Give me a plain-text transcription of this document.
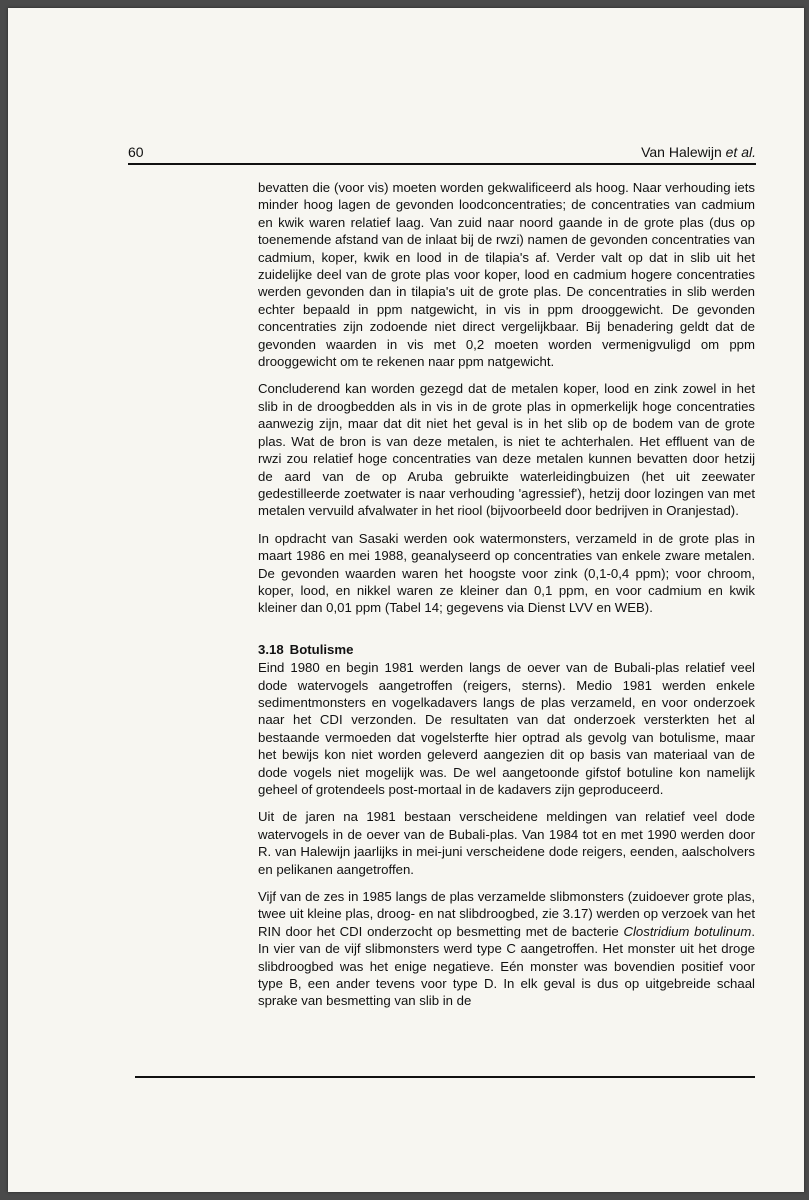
60	Van Halewijn et al.

bevatten die (voor vis) moeten worden gekwalificeerd als hoog. Naar verhouding iets minder hoog lagen de gevonden loodconcentraties; de concentraties van cadmium en kwik waren relatief laag. Van zuid naar noord gaande in de grote plas (dus op toenemende afstand van de inlaat bij de rwzi) namen de gevonden concentraties van cadmium, koper, kwik en lood in de tilapia's af. Verder valt op dat in slib uit het zuidelijke deel van de grote plas voor koper, lood en cadmium hogere concentraties werden gevonden dan in tilapia's uit de grote plas. De concentraties in slib werden echter bepaald in ppm natgewicht, in vis in ppm drooggewicht. De gevonden concentraties zijn zodoende niet direct vergelijkbaar. Bij benadering geldt dat de gevonden waarden in vis met 0,2 moeten worden vermenigvuligd om ppm drooggewicht om te rekenen naar ppm natgewicht.

Concluderend kan worden gezegd dat de metalen koper, lood en zink zowel in het slib in de droogbedden als in vis in de grote plas in opmerkelijk hoge concentraties aanwezig zijn, maar dat dit niet het geval is in het slib op de bodem van de grote plas. Wat de bron is van deze metalen, is niet te achterhalen. Het effluent van de rwzi zou relatief hoge concentraties van deze metalen kunnen bevatten door hetzij de aard van de op Aruba gebruikte waterleidingbuizen (het uit zeewater gedestilleerde zoetwater is naar verhouding 'agressief'), hetzij door lozingen van met metalen vervuild afvalwater in het riool (bijvoorbeeld door bedrijven in Oranjestad).

In opdracht van Sasaki werden ook watermonsters, verzameld in de grote plas in maart 1986 en mei 1988, geanalyseerd op concentraties van enkele zware metalen. De gevonden waarden waren het hoogste voor zink (0,1-0,4 ppm); voor chroom, koper, lood, en nikkel waren ze kleiner dan 0,1 ppm, en voor cadmium en kwik kleiner dan 0,01 ppm (Tabel 14; gegevens via Dienst LVV en WEB).

3.18 Botulisme

Eind 1980 en begin 1981 werden langs de oever van de Bubali-plas relatief veel dode watervogels aangetroffen (reigers, sterns). Medio 1981 werden enkele sedimentmonsters en vogelkadavers langs de plas verzameld, en voor onderzoek naar het CDI verzonden. De resultaten van dat onderzoek versterkten het al bestaande vermoeden dat vogelsterfte hier optrad als gevolg van botulisme, maar het bewijs kon niet worden geleverd aangezien dit op basis van materiaal van de dode vogels niet mogelijk was. De wel aangetoonde gifstof botuline kon namelijk geheel of grotendeels post-mortaal in de kadavers zijn geproduceerd.

Uit de jaren na 1981 bestaan verscheidene meldingen van relatief veel dode watervogels in de oever van de Bubali-plas. Van 1984 tot en met 1990 werden door R. van Halewijn jaarlijks in mei-juni verscheidene dode reigers, eenden, aalscholvers en pelikanen aangetroffen.

Vijf van de zes in 1985 langs de plas verzamelde slibmonsters (zuidoever grote plas, twee uit kleine plas, droog- en nat slibdroogbed, zie 3.17) werden op verzoek van het RIN door het CDI onderzocht op besmetting met de bacterie Clostridium botulinum. In vier van de vijf slibmonsters werd type C aangetroffen. Het monster uit het droge slibdroogbed was het enige negatieve. Eén monster was bovendien positief voor type B, een ander tevens voor type D. In elk geval is dus op uitgebreide schaal sprake van besmetting van slib in de
